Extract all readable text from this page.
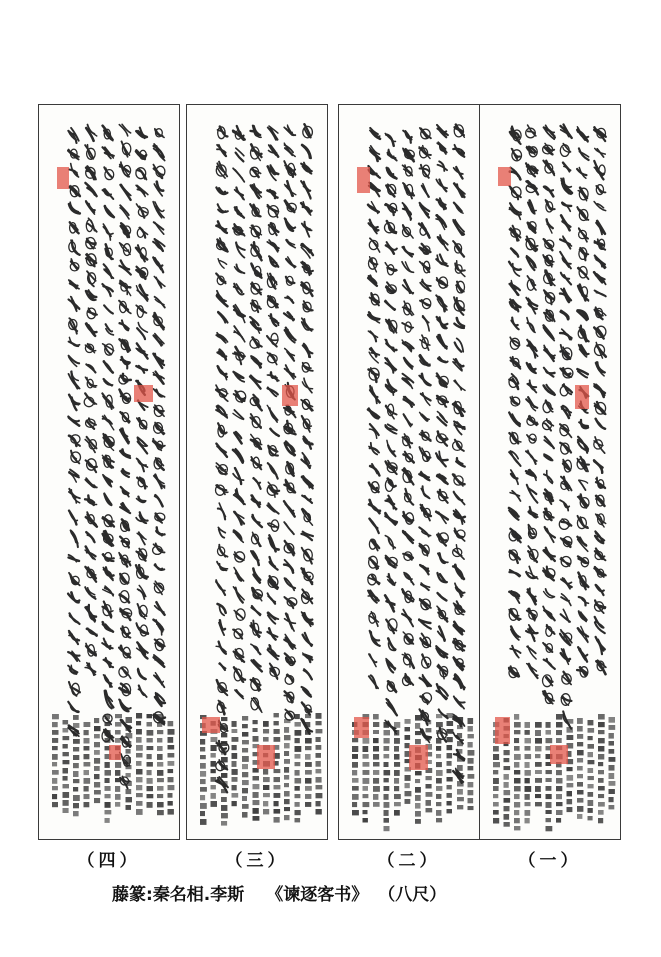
（四）	（三）	（二）	（一）
藤篆:秦名相.李斯 《谏逐客书》 （八尺）
